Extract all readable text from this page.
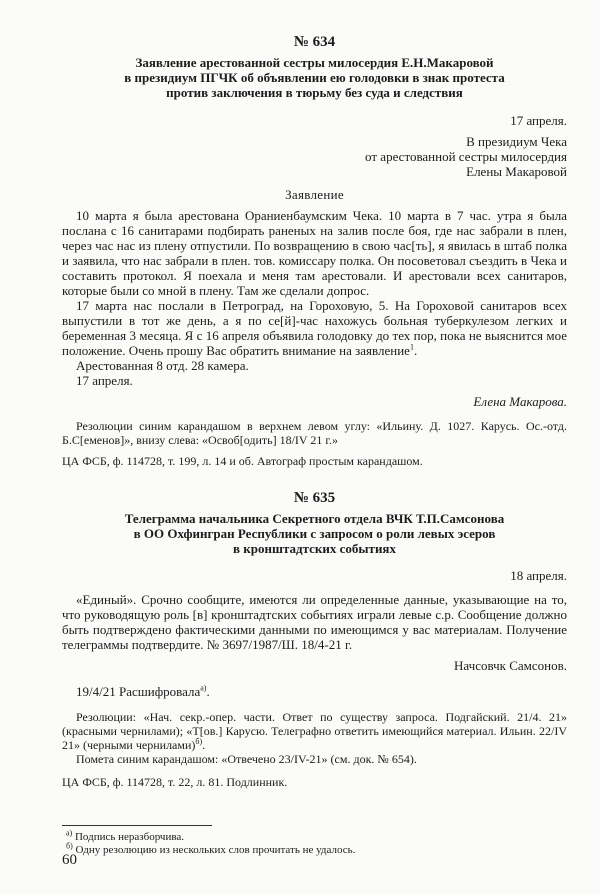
№ 634

Заявление арестованной сестры милосердия Е.Н.Макаровой

в президиум ПГЧК об объявлении ею голодовки в знак протеста

против заключения в тюрьму без суда и следствия

17 апреля.

В президиум Чека

от арестованной сестры милосердия

Елены Макаровой

Заявление

10 марта я была арестована Ораниенбаумским Чека. 10 марта в 7 час. утра я была послана с 16 санитарами подбирать раненых на залив после боя, где нас забрали в плен, через час нас из плену отпустили. По возвращению в свою час[ть], я явилась в штаб полка и заявила, что нас забрали в плен. тов. комиссару полка. Он посоветовал съездить в Чека и составить протокол. Я поехала и меня там арестовали. И арестовали всех санитаров, которые были со мной в плену. Там же сделали допрос.

17 марта нас послали в Петроград, на Гороховую, 5. На Гороховой санитаров всех выпустили в тот же день, а я по се[й]-час нахожусь больная туберкулезом легких и беременная 3 месяца. Я с 16 апреля объявила голодовку до тех пор, пока не выяснится мое положение. Очень прошу Вас обратить внимание на заявление$^1$.

Арестованная 8 отд. 28 камера.

17 апреля.

Елена Макарова.

Резолюции синим карандашом в верхнем левом углу: «Ильину. Д. 1027. Карусь. Ос.-отд. Б.С[еменов]», внизу слева: «Освоб[одить] 18/IV 21 г.»

ЦА ФСБ, ф. 114728, т. 199, л. 14 и об. Автограф простым карандашом.

№ 635

Телеграмма начальника Секретного отдела ВЧК Т.П.Самсонова

в ОО Охфингран Республики с запросом о роли левых эсеров

в кронштадтских событиях

18 апреля.

«Единый». Срочно сообщите, имеются ли определенные данные, указывающие на то, что руководящую роль [в] кронштадтских событиях играли левые с.р. Сообщение должно быть подтверждено фактическими данными по имеющимся у вас материалам. Получение телеграммы подтвердите. № 3697/1987/Ш. 18/4-21 г.

Начсовчк Самсонов.

19/4/21 Расшифровала$^{а)}$.

Резолюции: «Нач. секр.-опер. части. Ответ по существу запроса. Подгайский. 21/4. 21» (красными чернилами); «Т[ов.] Карусю. Телеграфно ответить имеющийся материал. Ильин. 22/IV 21» (черными чернилами)$^{б)}$.

Помета синим карандашом: «Отвечено 23/IV-21» (см. док. № 654).

ЦА ФСБ, ф. 114728, т. 22, л. 81. Подлинник.

$^{а)}$ Подпись неразборчива.

$^{б)}$ Одну резолюцию из нескольких слов прочитать не удалось.

60
